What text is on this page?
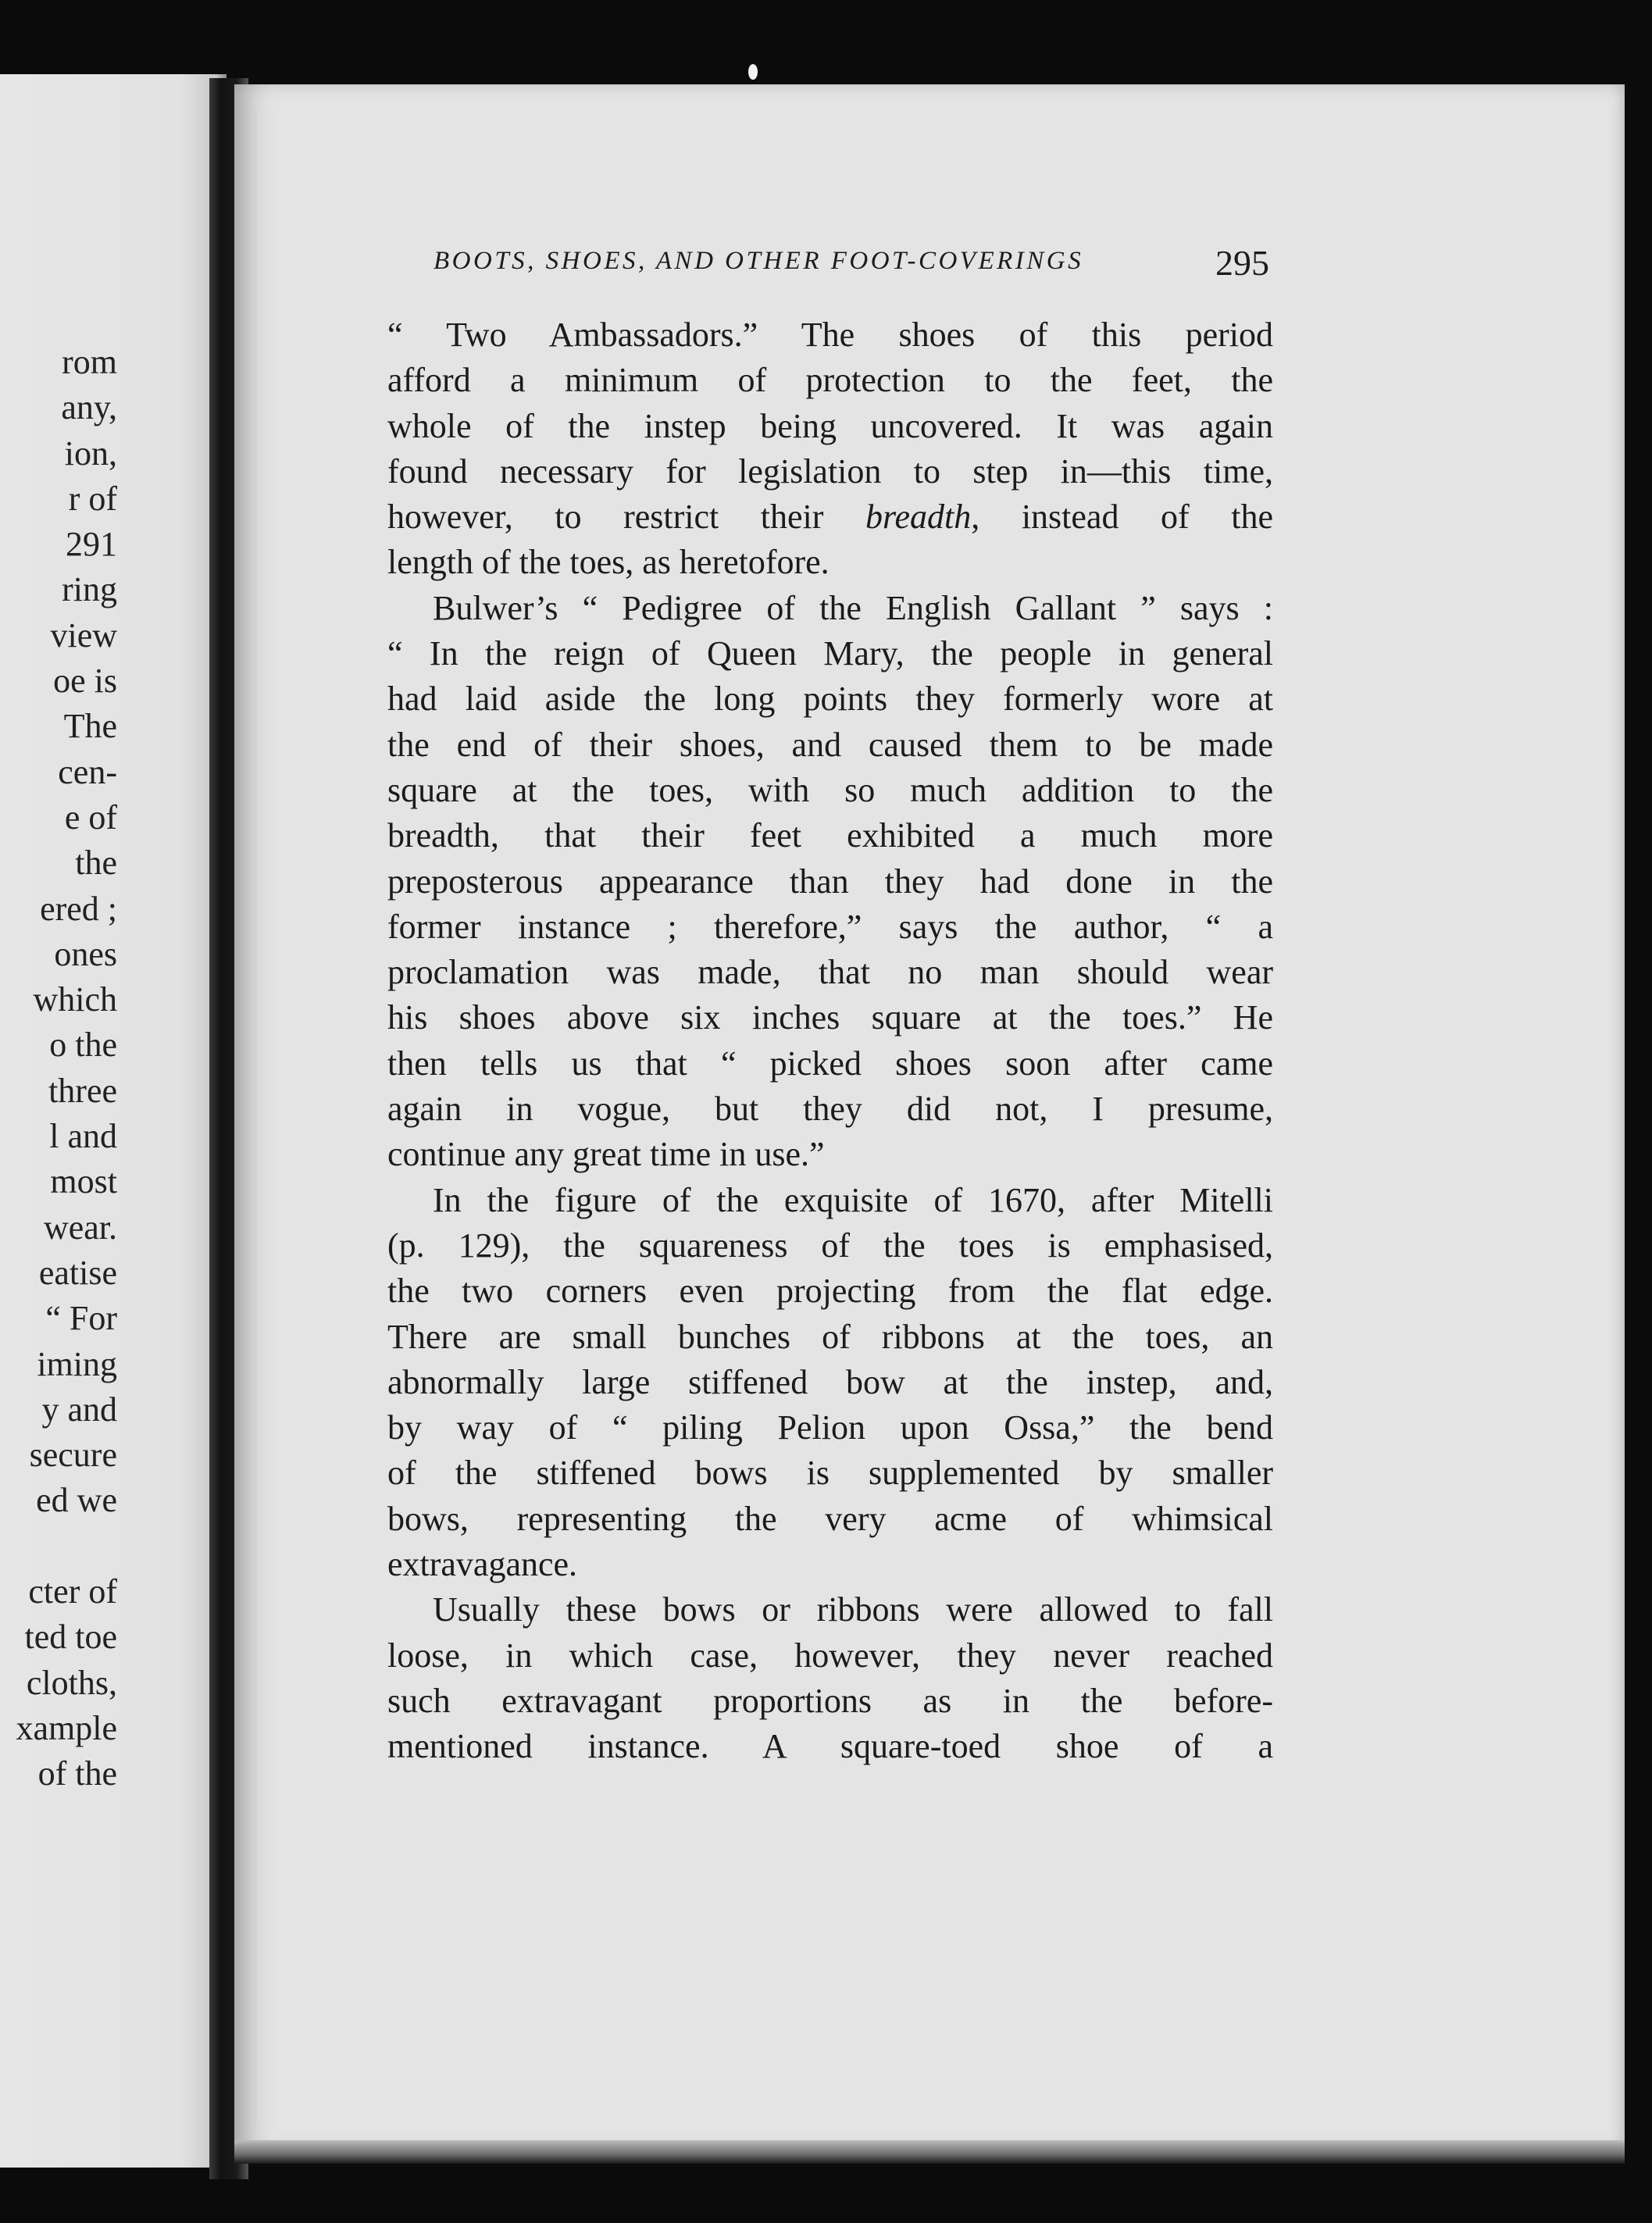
rom
any,
ion,
r of
291
ring
view
oe is
The
cen-
e of
the
ered ;
ones
which
o the
three
l and
most
wear.
eatise
“ For
iming
y and
secure
ed we

cter of
ted toe
cloths,
xample
of the
BOOTS, SHOES, AND OTHER FOOT-COVERINGS	295
“ Two Ambassadors.” The shoes of this period
afford a minimum of protection to the feet, the
whole of the instep being uncovered. It was again
found necessary for legislation to step in—this time,
however, to restrict their breadth, instead of the
length of the toes, as heretofore.
Bulwer’s “ Pedigree of the English Gallant ” says :
“ In the reign of Queen Mary, the people in general
had laid aside the long points they formerly wore at
the end of their shoes, and caused them to be made
square at the toes, with so much addition to the
breadth, that their feet exhibited a much more
preposterous appearance than they had done in the
former instance ; therefore,” says the author, “ a
proclamation was made, that no man should wear
his shoes above six inches square at the toes.” He
then tells us that “ picked shoes soon after came
again in vogue, but they did not, I presume,
continue any great time in use.”
In the figure of the exquisite of 1670, after Mitelli
(p. 129), the squareness of the toes is emphasised,
the two corners even projecting from the flat edge.
There are small bunches of ribbons at the toes, an
abnormally large stiffened bow at the instep, and,
by way of “ piling Pelion upon Ossa,” the bend
of the stiffened bows is supplemented by smaller
bows, representing the very acme of whimsical
extravagance.
Usually these bows or ribbons were allowed to fall
loose, in which case, however, they never reached
such extravagant proportions as in the before-
mentioned instance. A square-toed shoe of a
